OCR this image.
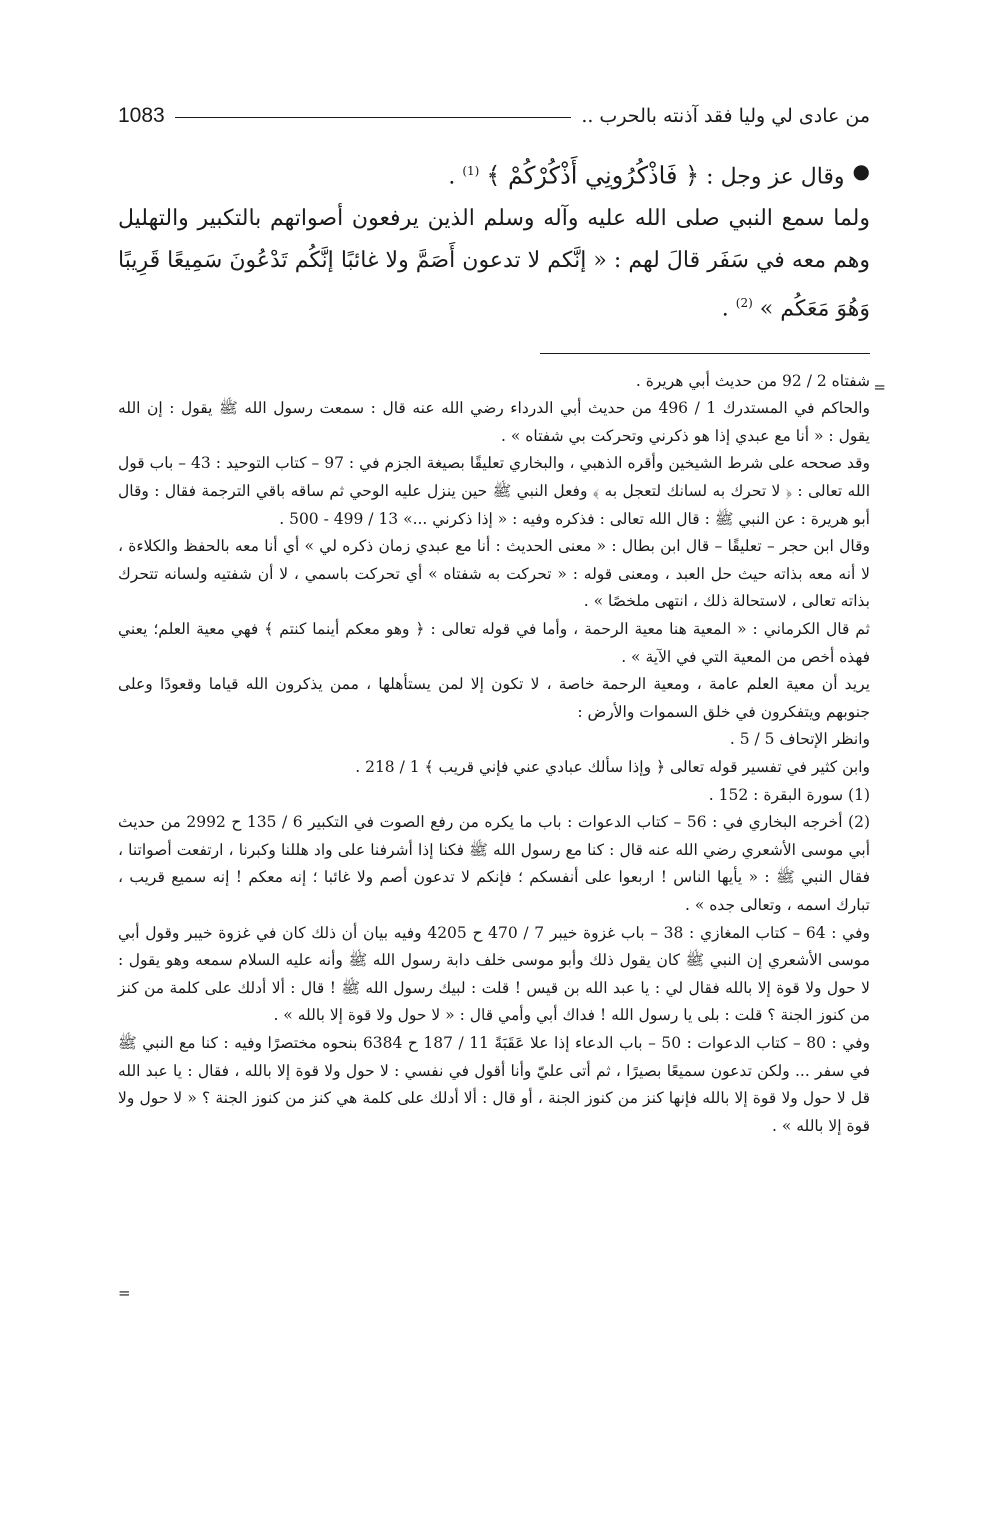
من عادى لي وليا فقد آذنته بالحرب ..
1083

●
وقال عز وجل : ﴿ فَاذْكُرُونِي أَذْكُرْكُمْ ﴾ $^{(1)}$ .

ولما سمع النبي صلى الله عليه وآله وسلم الذين يرفعون أصواتهم بالتكبير والتهليل وهم معه في سَفَر قالَ لهم : « إنَّكم لا تدعون أَصَمَّ ولا غائبًا إنَّكُم تَدْعُونَ سَمِيعًا قَرِيبًا وَهُوَ مَعَكُم » $^{(2)}$ .

=

شفتاه 2 / 92 من حديث أبي هريرة .

والحاكم في المستدرك 1 / 496 من حديث أبي الدرداء رضي الله عنه قال : سمعت رسول الله ﷺ يقول : إن الله يقول : « أنا مع عبدي إذا هو ذكرني وتحركت بي شفتاه » .

وقد صححه على شرط الشيخين وأقره الذهبي ، والبخاري تعليقًا بصيغة الجزم في : 97 – كتاب التوحيد : 43 – باب قول الله تعالى : ﴿ لا تحرك به لسانك لتعجل به ﴾ وفعل النبي ﷺ حين ينزل عليه الوحي ثم ساقه باقي الترجمة فقال : وقال أبو هريرة : عن النبي ﷺ : قال الله تعالى : فذكره وفيه : « إذا ذكرني ...» 13 / 499 - 500 .

وقال ابن حجر – تعليقًا – قال ابن بطال : « معنى الحديث : أنا مع عبدي زمان ذكره لي » أي أنا معه بالحفظ والكلاءة ، لا أنه معه بذاته حيث حل العبد ، ومعنى قوله : « تحركت به شفتاه » أي تحركت باسمي ، لا أن شفتيه ولسانه تتحرك بذاته تعالى ، لاستحالة ذلك ، انتهى ملخصًا » .

ثم قال الكرماني : « المعية هنا معية الرحمة ، وأما في قوله تعالى : ﴿ وهو معكم أينما كنتم ﴾ فهي معية العلم؛ يعني فهذه أخص من المعية التي في الآية » .

يريد أن معية العلم عامة ، ومعية الرحمة خاصة ، لا تكون إلا لمن يستأهلها ، ممن يذكرون الله قياما وقعودًا وعلى جنوبهم ويتفكرون في خلق السموات والأرض :

وانظر الإتحاف 5 / 5 .

وابن كثير في تفسير قوله تعالى ﴿ وإذا سألك عبادي عني فإني قريب ﴾ 1 / 218 .

(1) سورة البقرة : 152 .

(2) أخرجه البخاري في : 56 – كتاب الدعوات : باب ما يكره من رفع الصوت في التكبير 6 / 135 ح 2992 من حديث أبي موسى الأشعري رضي الله عنه قال : كنا مع رسول الله ﷺ فكنا إذا أشرفنا على واد هللنا وكبرنا ، ارتفعت أصواتنا ، فقال النبي ﷺ : « يأيها الناس ! اربعوا على أنفسكم ؛ فإنكم لا تدعون أصم ولا غائبا ؛ إنه معكم ! إنه سميع قريب ، تبارك اسمه ، وتعالى جده » .

وفي : 64 – كتاب المغازي : 38 – باب غزوة خيبر 7 / 470 ح 4205 وفيه بيان أن ذلك كان في غزوة خيبر وقول أبي موسى الأشعري إن النبي ﷺ كان يقول ذلك وأبو موسى خلف دابة رسول الله ﷺ وأنه عليه السلام سمعه وهو يقول : لا حول ولا قوة إلا بالله فقال لي : يا عبد الله بن قيس ! قلت : لبيك رسول الله ﷺ ! قال : ألا أدلك على كلمة من كنز من كنوز الجنة ؟ قلت : بلى يا رسول الله ! فداك أبي وأمي قال : « لا حول ولا قوة إلا بالله » .

وفي : 80 – كتاب الدعوات : 50 – باب الدعاء إذا علا عَقَبَةً 11 / 187 ح 6384 بنحوه مختصرًا وفيه : كنا مع النبي ﷺ في سفر ... ولكن تدعون سميعًا بصيرًا ، ثم أتى عليّ وأنا أقول في نفسي : لا حول ولا قوة إلا بالله ، فقال : يا عبد الله قل لا حول ولا قوة إلا بالله فإنها كنز من كنوز الجنة ، أو قال : ألا أدلك على كلمة هي كنز من كنوز الجنة ؟ « لا حول ولا قوة إلا بالله » .

=
